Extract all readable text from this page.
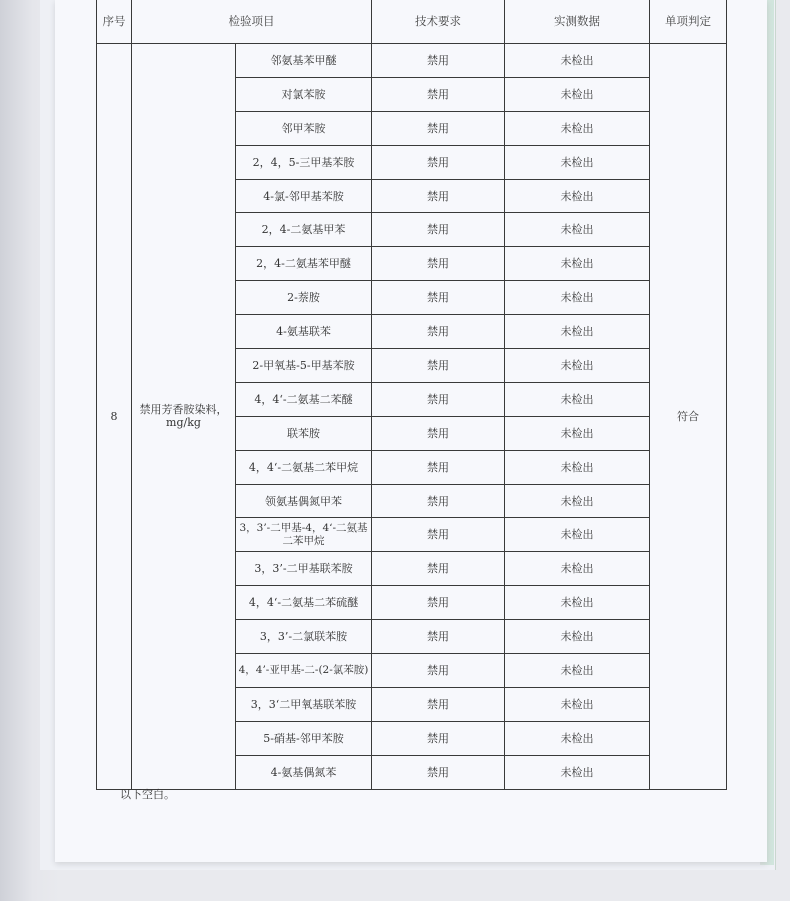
序号	检验项目		技术要求	实测数据	单项判定
8	禁用芳香胺染料，mg/kg	邻氨基苯甲醚	禁用	未检出	符合
		对氯苯胺	禁用	未检出	
		邻甲苯胺	禁用	未检出	
		2，4，5-三甲基苯胺	禁用	未检出	
		4-氯-邻甲基苯胺	禁用	未检出	
		2，4-二氨基甲苯	禁用	未检出	
		2，4-二氨基苯甲醚	禁用	未检出	
		2-萘胺	禁用	未检出	
		4-氨基联苯	禁用	未检出	
		2-甲氧基-5-甲基苯胺	禁用	未检出	
		4，4‘-二氨基二苯醚	禁用	未检出	
		联苯胺	禁用	未检出	
		4，4‘-二氨基二苯甲烷	禁用	未检出	
		领氨基偶氮甲苯	禁用	未检出	
		3，3’-二甲基-4，4‘-二氨基二苯甲烷	禁用	未检出	
		3，3’-二甲基联苯胺	禁用	未检出	
		4，4‘-二氨基二苯硫醚	禁用	未检出	
		3，3’-二氯联苯胺	禁用	未检出	
		4，4’-亚甲基-二-(2-氯苯胺)	禁用	未检出	
		3，3‘二甲氧基联苯胺	禁用	未检出	
		5-硝基-邻甲苯胺	禁用	未检出	
		4-氨基偶氮苯	禁用	未检出	
以下空白。
